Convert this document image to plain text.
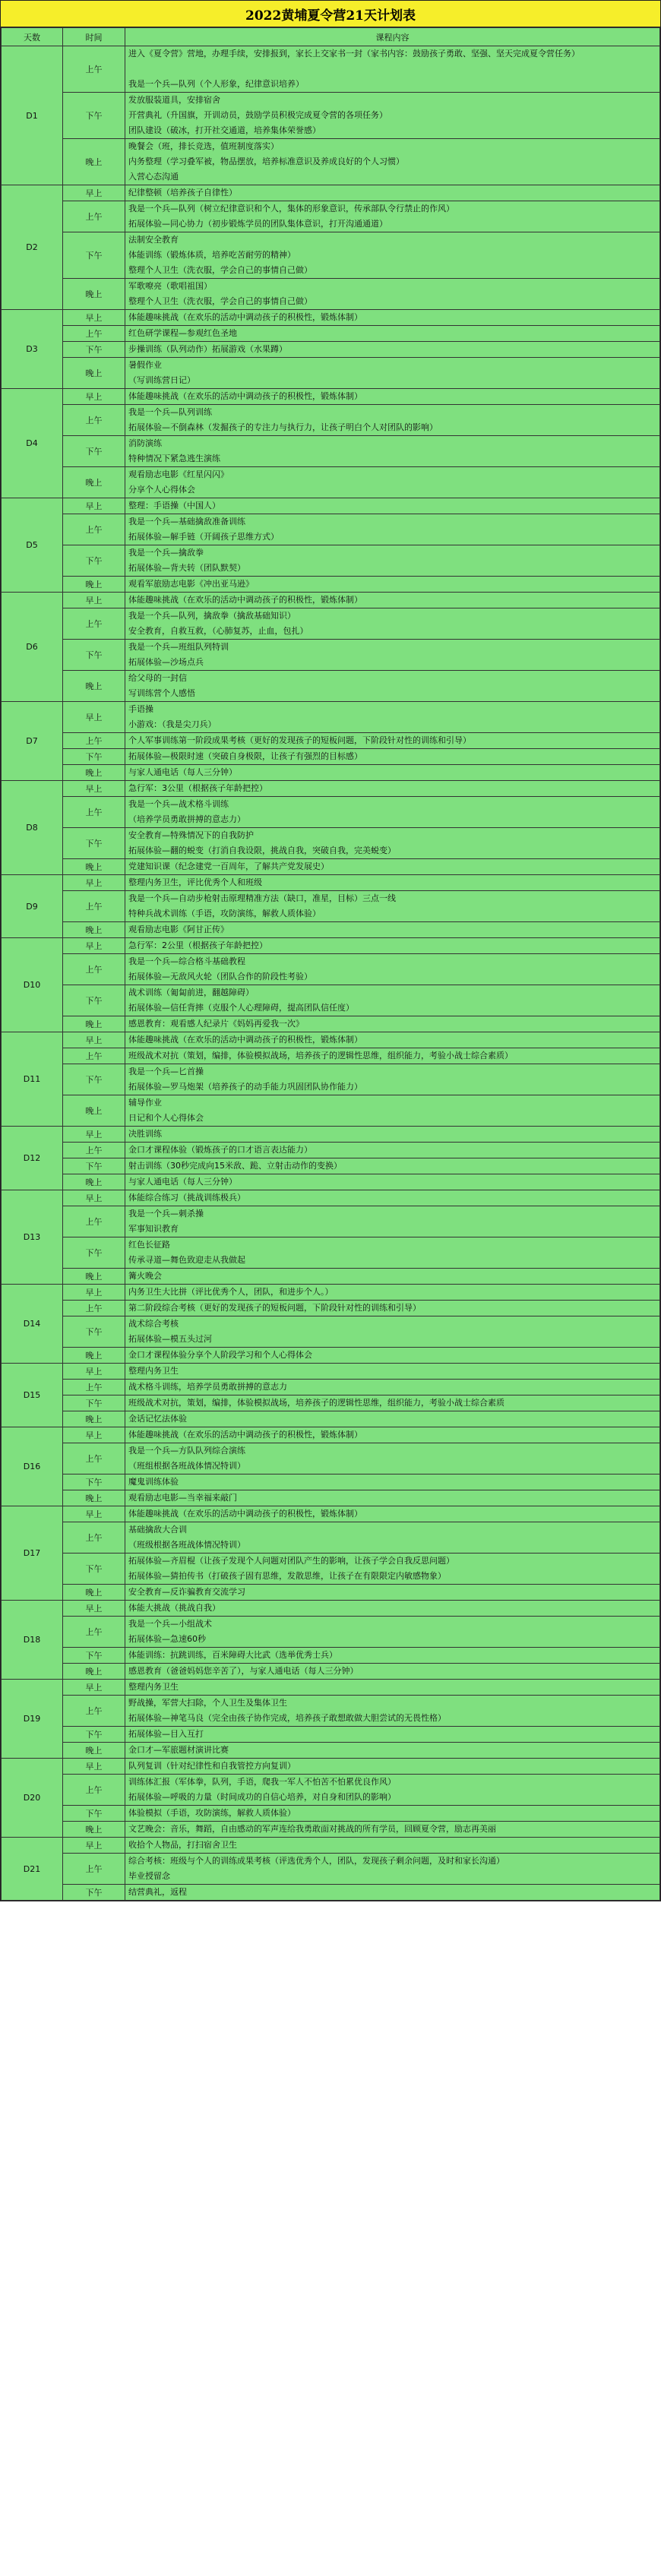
2022黄埔夏令营21天计划表
天数	时间	课程内容
D1	上午	进入《夏令营》营地，办理手续，安排报到，家长上交家书一封（家书内容：鼓励孩子勇敢、坚强、坚天完成夏令营任务）
我是一个兵—队列（个人形象，纪律意识培养）

	下午	发放服装道具，安排宿舍
开营典礼（升国旗，开训动员，鼓励学员积极完成夏令营的各项任务）
团队建设（破冰，打开社交通道，培养集体荣誉感）

	晚上	晚餐会（班，排长竞选，值班制度落实）
内务整理（学习叠军被，物品摆放，培养标准意识及养成良好的个人习惯）
入营心态沟通

D2	早上	纪律整顿（培养孩子自律性）

	上午	我是一个兵—队列（树立纪律意识和个人，集体的形象意识，传承部队令行禁止的作风）
拓展体验—同心协力（初步锻炼学员的团队集体意识，打开沟通通道）

	下午	法制安全教育
体能训练（锻炼体质，培养吃苦耐劳的精神）
整理个人卫生（洗衣服，学会自己的事情自己做）

	晚上	军歌嘹亮（歌唱祖国）
整理个人卫生（洗衣服，学会自己的事情自己做）

D3	早上	体能趣味挑战（在欢乐的活动中调动孩子的积极性，锻炼体制）

	上午	红色研学课程—参观红色圣地

	下午	步操训练（队列动作）拓展游戏（水果蹲）

	晚上	暑假作业
（写训练营日记）

D4	早上	体能趣味挑战（在欢乐的活动中调动孩子的积极性，锻炼体制）

	上午	我是一个兵—队列训练
拓展体验—不倒森林（发掘孩子的专注力与执行力，让孩子明白个人对团队的影响）

	下午	消防演练
特种情况下紧急逃生演练

	晚上	观看励志电影《红星闪闪》
分享个人心得体会

D5	早上	整理：手语操（中国人）

	上午	我是一个兵—基础擒敌准备训练
拓展体验—解手链（开阔孩子思维方式）

	下午	我是一个兵—擒敌拳
拓展体验—背夫转（团队默契）

	晚上	观看军旅励志电影《冲出亚马逊》

D6	早上	体能趣味挑战（在欢乐的活动中调动孩子的积极性，锻炼体制）

	上午	我是一个兵—队列，擒敌拳（擒敌基础知识）
安全教育，自救互救，（心肺复苏，止血，包扎）

	下午	我是一个兵—班组队列特训
拓展体验—沙场点兵

	晚上	给父母的一封信
写训练营个人感悟

D7	早上	手语操
小游戏：（我是尖刀兵）

	上午	个人军事训练第一阶段成果考核（更好的发现孩子的短板问题，下阶段针对性的训练和引导）

	下午	拓展体验—极限时速（突破自身极限，让孩子有强烈的目标感）

	晚上	与家人通电话（每人三分钟）

D8	早上	急行军：3公里（根据孩子年龄把控）

	上午	我是一个兵—战术格斗训练
（培养学员勇敢拼搏的意志力）

	下午	安全教育—特殊情况下的自我防护
拓展体验—翻的蜕变（打消自我设限，挑战自我，突破自我，完美蜕变）

	晚上	党建知识课（纪念建党一百周年，了解共产党发展史）

D9	早上	整理内务卫生，评比优秀个人和班级

	上午	我是一个兵—自动步枪射击原理精准方法（缺口，准星，目标）三点一线
特种兵战术训练（手语，攻防演练，解救人质体验）

	晚上	观看励志电影《阿甘正传》

D10	早上	急行军：2公里（根据孩子年龄把控）

	上午	我是一个兵—综合格斗基础教程
拓展体验—无敌风火轮（团队合作的阶段性考验）

	下午	战术训练（匍匐前进，翻越障碍）
拓展体验—信任背摔（克服个人心理障碍，提高团队信任度）

	晚上	感恩教育：观看感人纪录片《妈妈再爱我一次》

D11	早上	体能趣味挑战（在欢乐的活动中调动孩子的积极性，锻炼体制）

	上午	班级战术对抗（策划，编排，体验模拟战场，培养孩子的逻辑性思维，组织能力，考验小战士综合素质）

	下午	我是一个兵—匕首操
拓展体验—罗马炮架（培养孩子的动手能力巩固团队协作能力）

	晚上	辅导作业
日记和个人心得体会

D12	早上	决胜训练

	上午	金口才课程体验（锻炼孩子的口才语言表达能力）

	下午	射击训练（30秒完成向15米敌、跪、立射击动作的变换）

	晚上	与家人通电话（每人三分钟）

D13	早上	体能综合练习（挑战训练极兵）

	上午	我是一个兵—刺杀操
军事知识教育

	下午	红色长征路
传承寻道—舞色致迎走从我做起

	晚上	篝火晚会

D14	早上	内务卫生大比拼（评比优秀个人，团队，和进步个人。）

	上午	第二阶段综合考核（更好的发现孩子的短板问题，下阶段针对性的训练和引导）

	下午	战术综合考核
拓展体验—模五头过河

	晚上	金口才课程体验分享个人阶段学习和个人心得体会

D15	早上	整理内务卫生

	上午	战术格斗训练，培养学员勇敢拼搏的意志力

	下午	班级战术对抗，策划，编排，体验模拟战场，培养孩子的逻辑性思维，组织能力，考验小战士综合素质

	晚上	金话记忆法体验

D16	早上	体能趣味挑战（在欢乐的活动中调动孩子的积极性，锻炼体制）

	上午	我是一个兵—方队队列综合演练
（班组根据各班战体情况特训）

	下午	魔鬼训练体验

	晚上	观看励志电影—当幸福来敲门

D17	早上	体能趣味挑战（在欢乐的活动中调动孩子的积极性，锻炼体制）

	上午	基础擒敌大合训
（班级根据各班战体情况特训）

	下午	拓展体验—齐眉棍（让孩子发现个人问题对团队产生的影响，让孩子学会自我反思问题）
拓展体验—猜拍传书（打破孩子固有思维，发散思维，让孩子在有限限定内敏感物象）

	晚上	安全教育—反诈骗教育交流学习

D18	早上	体能大挑战（挑战自我）

	上午	我是一个兵—小组战术
拓展体验—急速60秒

	下午	体能训练：抗跳训练，百米障碍大比武（选举优秀士兵）

	晚上	感恩教育（爸爸妈妈您辛苦了），与家人通电话（每人三分钟）

D19	早上	整理内务卫生

	上午	野战操，军营大扫除，个人卫生及集体卫生
拓展体验—神笔马良（完全由孩子协作完成，培养孩子敢想敢做大胆尝试的无畏性格）

	下午	拓展体验—目入互打

	晚上	金口才—军旅题材演讲比赛

D20	早上	队列复训（针对纪律性和自我管控方向复训）

	上午	训练体汇报（军体拳，队列，手语，爬我一军人不怕苦不怕累优良作风）
拓展体验—呼吸的力量（时间成功的自信心培养，对自身和团队的影响）

	下午	体验模拟（手语，攻防演练，解救人质体验）

	晚上	文艺晚会：音乐，舞蹈，自由感动的军声连给我勇敢面对挑战的所有学员，回顾夏令营，励志再美丽

D21	早上	收拾个人物品，打扫宿舍卫生

	上午	综合考核：班级与个人的训练成果考核（评选优秀个人，团队，发现孩子剩余问题，及时和家长沟通）
毕业授留念

	下午	结营典礼，返程
